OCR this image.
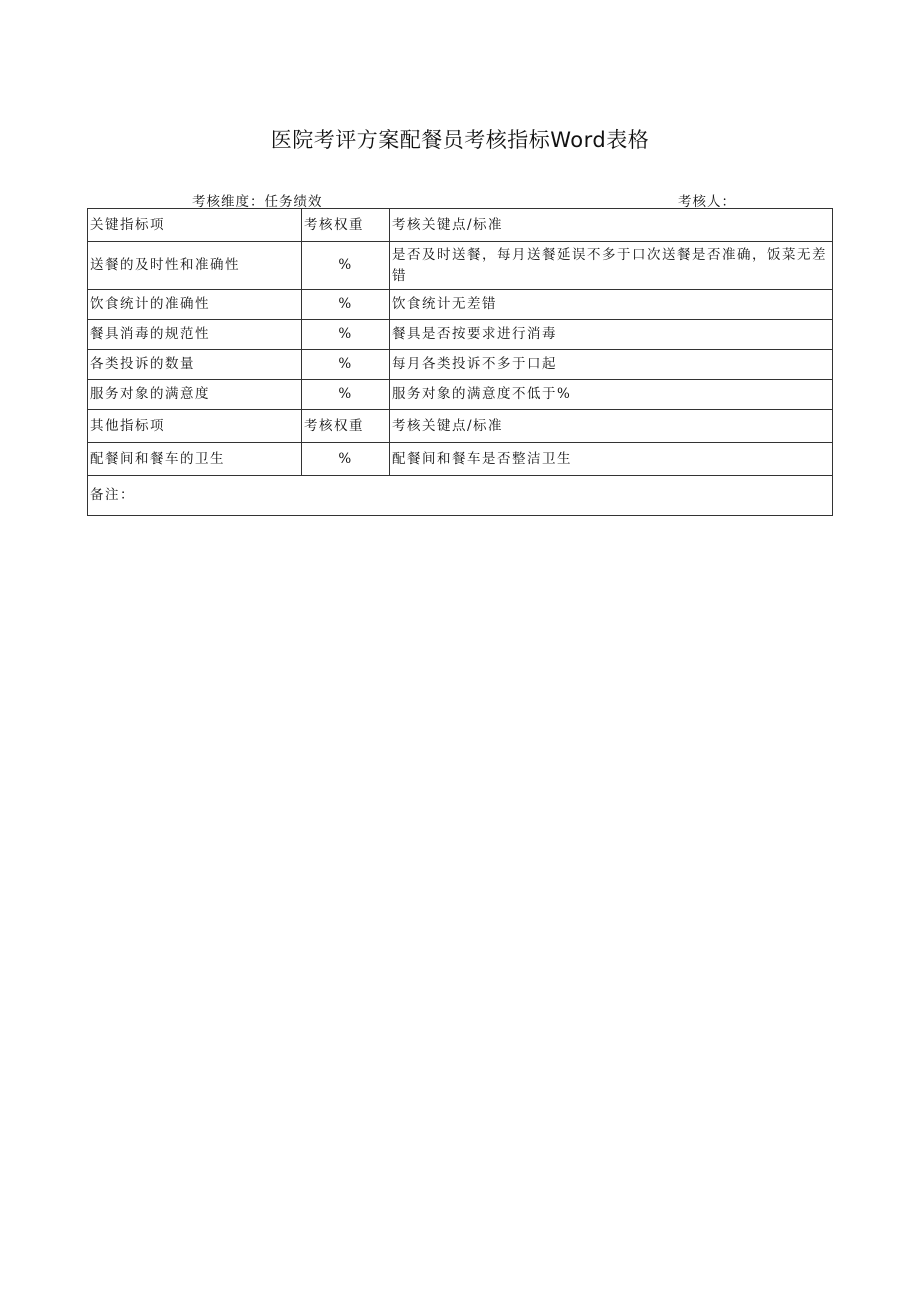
医院考评方案配餐员考核指标Word表格
考核维度：任务绩效	考核人：
关键指标项	考核权重	考核关键点/标准
送餐的及时性和准确性	%	是否及时送餐，每月送餐延误不多于口次送餐是否准确，饭菜无差错
饮食统计的准确性	%	饮食统计无差错
餐具消毒的规范性	%	餐具是否按要求进行消毒
各类投诉的数量	%	每月各类投诉不多于口起
服务对象的满意度	%	服务对象的满意度不低于%
其他指标项	考核权重	考核关键点/标准
配餐间和餐车的卫生	%	配餐间和餐车是否整洁卫生
备注：		
